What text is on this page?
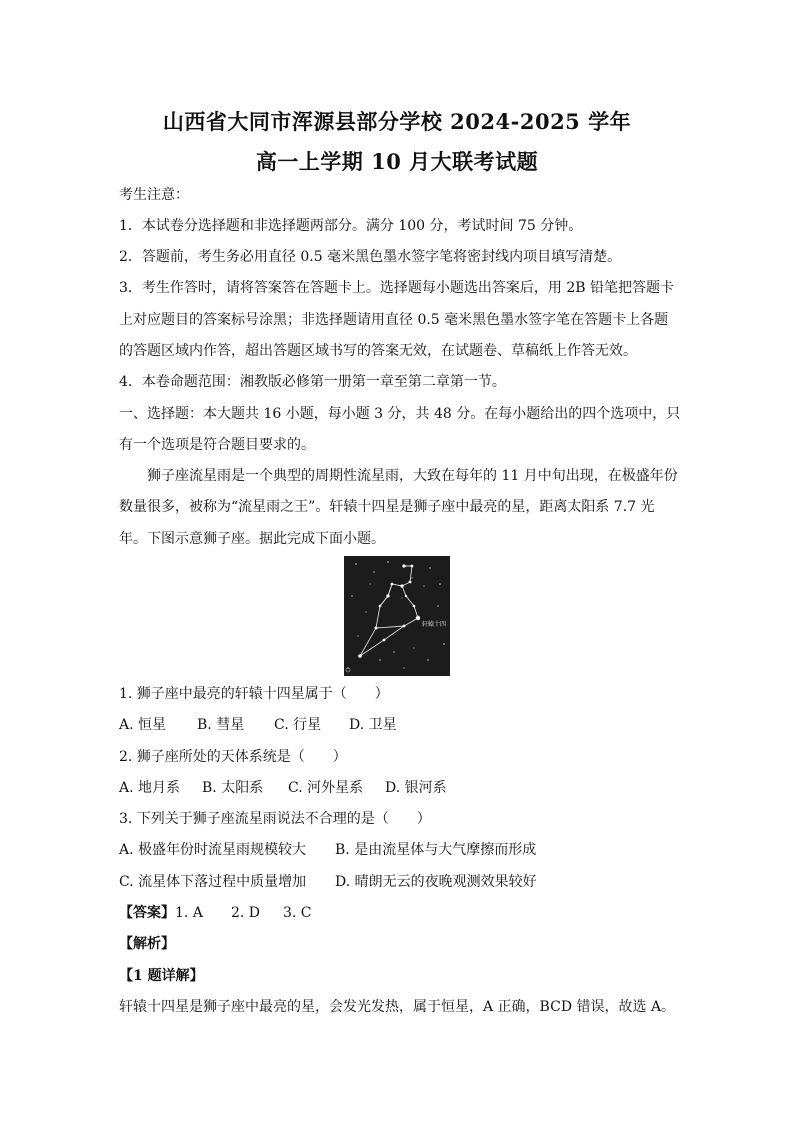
山西省大同市浑源县部分学校 2024-2025 学年
高一上学期 10 月大联考试题
考生注意：
1．本试卷分选择题和非选择题两部分。满分 100 分，考试时间 75 分钟。
2．答题前，考生务必用直径 0.5 毫米黑色墨水签字笔将密封线内项目填写清楚。
3．考生作答时，请将答案答在答题卡上。选择题每小题选出答案后，用 2B 铅笔把答题卡
上对应题目的答案标号涂黑；非选择题请用直径 0.5 毫米黑色墨水签字笔在答题卡上各题
的答题区域内作答，超出答题区域书写的答案无效，在试题卷、草稿纸上作答无效。
4．本卷命题范围：湘教版必修第一册第一章至第二章第一节。
一、选择题：本大题共 16 小题，每小题 3 分，共 48 分。在每小题给出的四个选项中，只
有一个选项是符合题目要求的。
狮子座流星雨是一个典型的周期性流星雨，大致在每年的 11 月中旬出现，在极盛年份
数量很多，被称为“流星雨之王”。轩辕十四星是狮子座中最亮的星，距离太阳系 7.7 光
年。下图示意狮子座。据此完成下面小题。
轩辕十四
1. 狮子座中最亮的轩辕十四星属于（　　）
A. 恒星 B. 彗星 C. 行星 D. 卫星
2. 狮子座所处的天体系统是（　　）
A. 地月系 B. 太阳系 C. 河外星系 D. 银河系
3. 下列关于狮子座流星雨说法不合理的是（　　）
A. 极盛年份时流星雨规模较大 B. 是由流星体与大气摩擦而形成
C. 流星体下落过程中质量增加 D. 晴朗无云的夜晚观测效果较好
【答案】1. A 2. D 3. C
【解析】
【1 题详解】
轩辕十四星是狮子座中最亮的星，会发光发热，属于恒星，A 正确，BCD 错误，故选 A。
